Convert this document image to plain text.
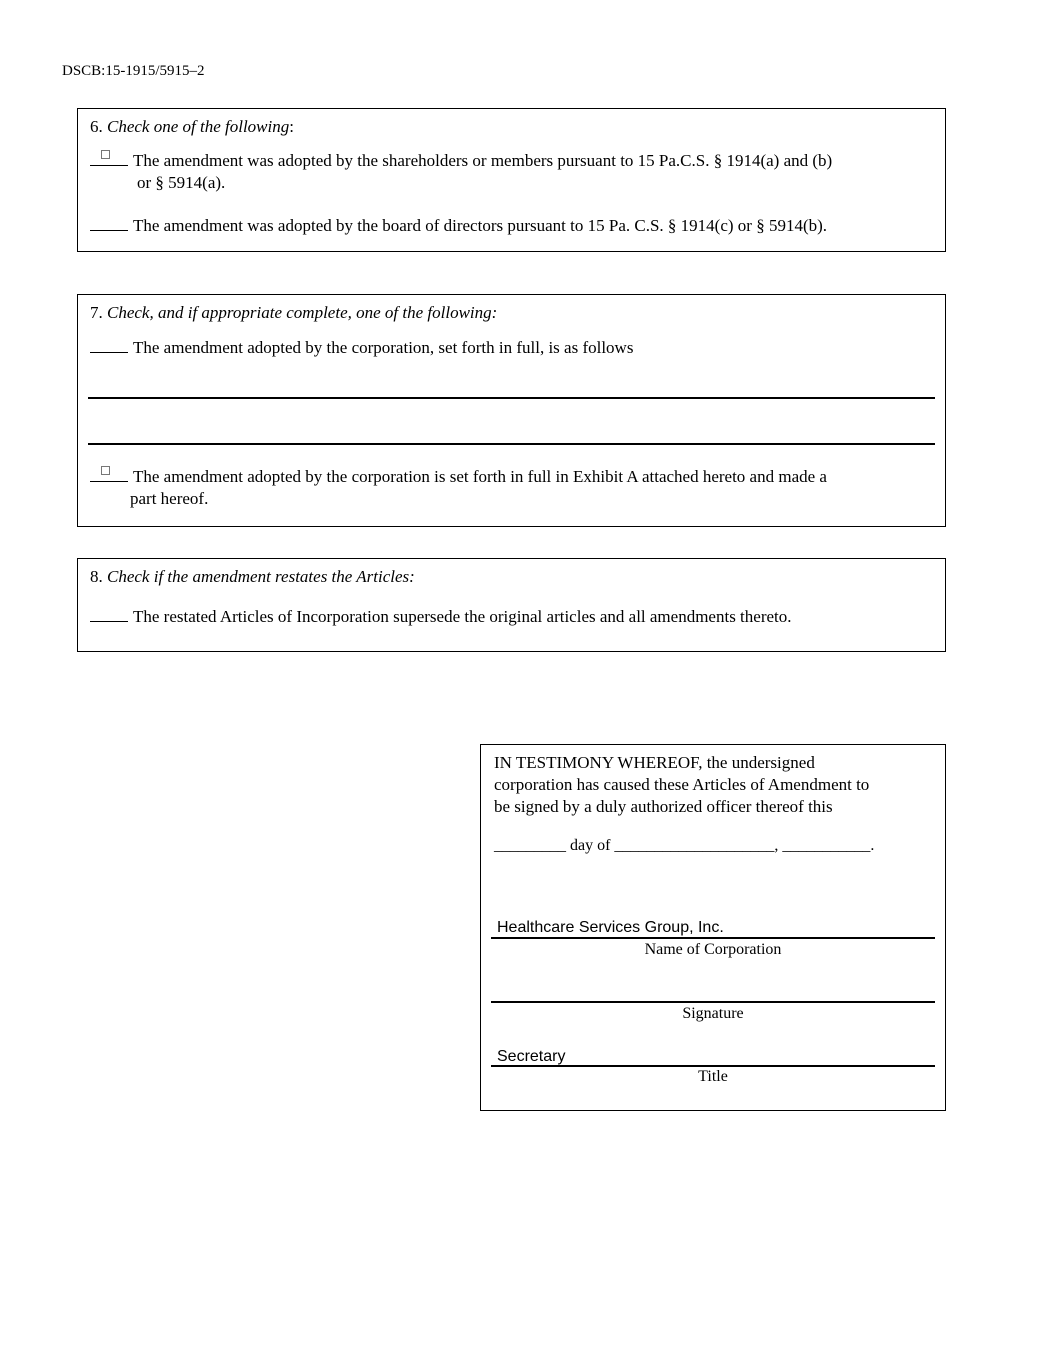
DSCB:15-1915/5915–2
6. Check one of the following:
The amendment was adopted by the shareholders or members pursuant to 15 Pa.C.S. § 1914(a) and (b)
or § 5914(a).
The amendment was adopted by the board of directors pursuant to 15 Pa. C.S. § 1914(c) or § 5914(b).
7. Check, and if appropriate complete, one of the following:
The amendment adopted by the corporation, set forth in full, is as follows
The amendment adopted by the corporation is set forth in full in Exhibit A attached hereto and made a
part hereof.
8. Check if the amendment restates the Articles:
The restated Articles of Incorporation supersede the original articles and all amendments thereto.
IN TESTIMONY WHEREOF, the undersigned
corporation has caused these Articles of Amendment to
be signed by a duly authorized officer thereof this
_________ day of ____________________, ___________.
Healthcare Services Group, Inc.
Name of Corporation
Signature
Secretary
Title
